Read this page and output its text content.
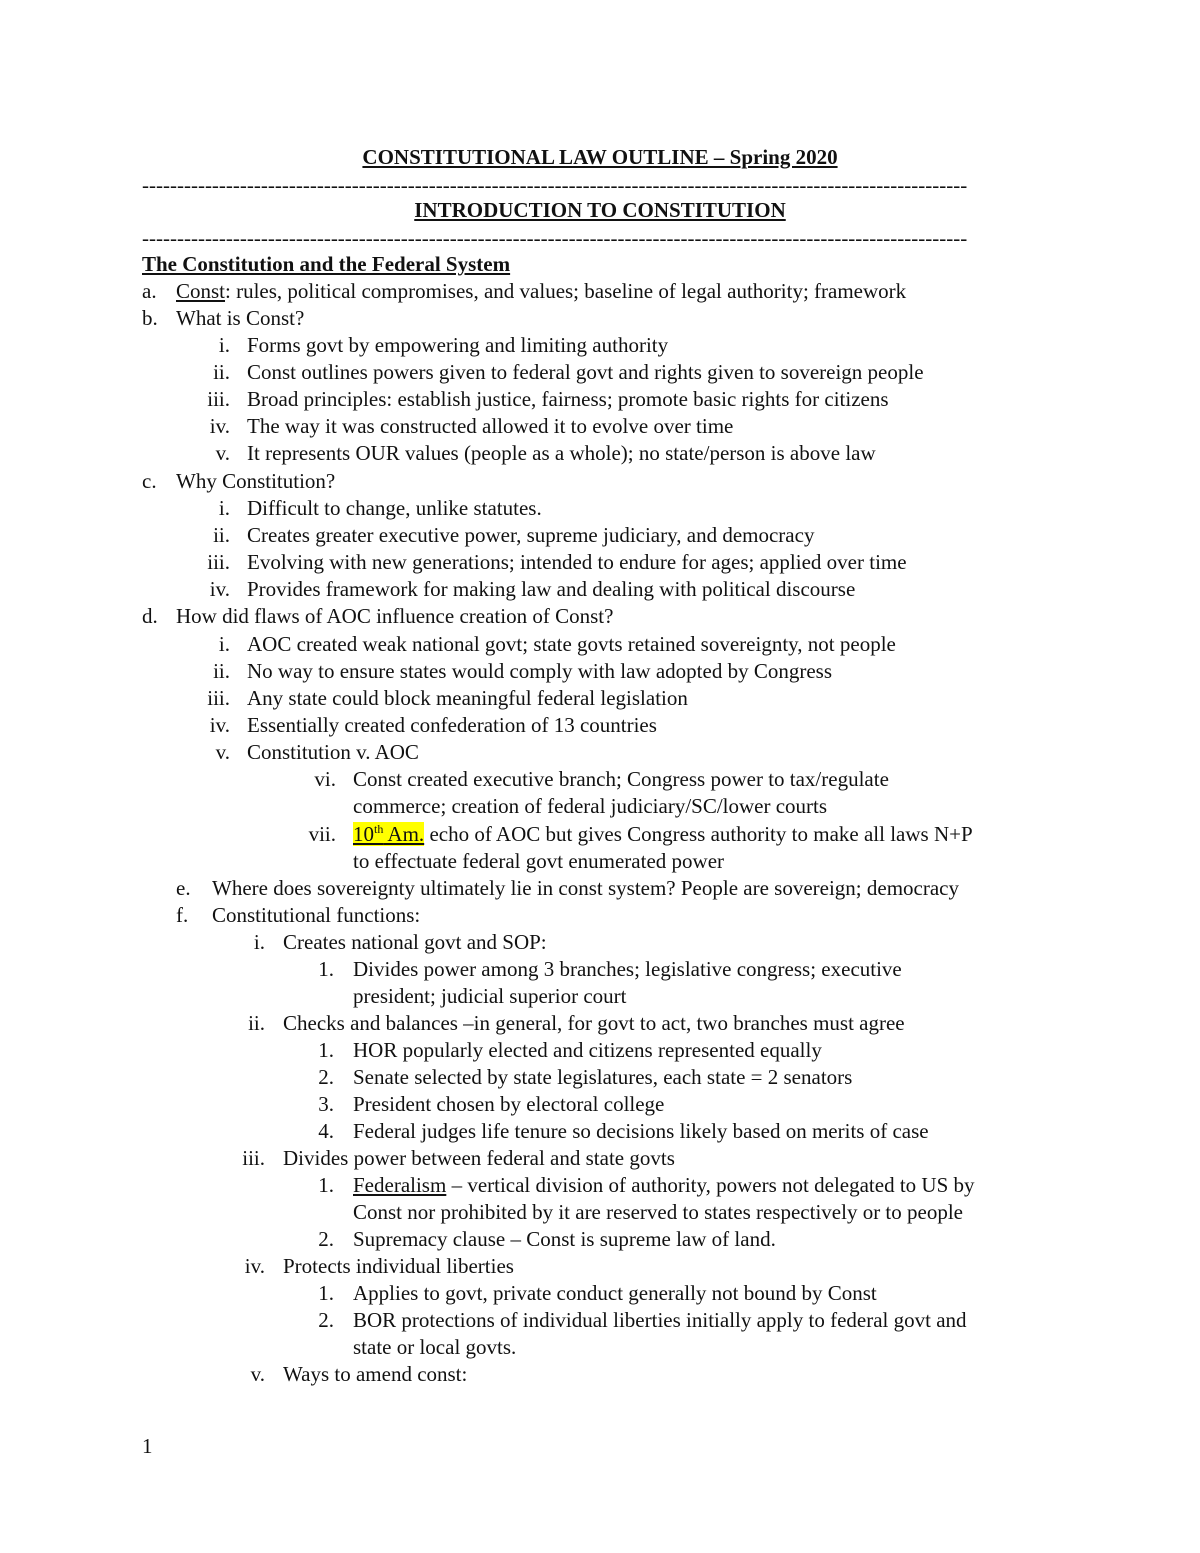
CONSTITUTIONAL LAW OUTLINE – Spring 2020
----------------------------------------------------------------------------------------------------------------------
INTRODUCTION TO CONSTITUTION
----------------------------------------------------------------------------------------------------------------------
The Constitution and the Federal System
a. Const: rules, political compromises, and values; baseline of legal authority; framework
b. What is Const?
i. Forms govt by empowering and limiting authority
ii. Const outlines powers given to federal govt and rights given to sovereign people
iii. Broad principles: establish justice, fairness; promote basic rights for citizens
iv. The way it was constructed allowed it to evolve over time
v. It represents OUR values (people as a whole); no state/person is above law
c. Why Constitution?
i. Difficult to change, unlike statutes.
ii. Creates greater executive power, supreme judiciary, and democracy
iii. Evolving with new generations; intended to endure for ages; applied over time
iv. Provides framework for making law and dealing with political discourse
d. How did flaws of AOC influence creation of Const?
i. AOC created weak national govt; state govts retained sovereignty, not people
ii. No way to ensure states would comply with law adopted by Congress
iii. Any state could block meaningful federal legislation
iv. Essentially created confederation of 13 countries
v. Constitution v. AOC
vi. Const created executive branch; Congress power to tax/regulate
commerce; creation of federal judiciary/SC/lower courts
vii. 10th Am. echo of AOC but gives Congress authority to make all laws N+P
to effectuate federal govt enumerated power
e. Where does sovereignty ultimately lie in const system? People are sovereign; democracy
f.	Constitutional functions:
i. Creates national govt and SOP:
1. Divides power among 3 branches; legislative congress; executive
president; judicial superior court
ii. Checks and balances –in general, for govt to act, two branches must agree
1. HOR popularly elected and citizens represented equally
2. Senate selected by state legislatures, each state = 2 senators
3. President chosen by electoral college
4. Federal judges life tenure so decisions likely based on merits of case
iii. Divides power between federal and state govts
1. Federalism – vertical division of authority, powers not delegated to US by
Const nor prohibited by it are reserved to states respectively or to people
2. Supremacy clause – Const is supreme law of land.
iv. Protects individual liberties
1. Applies to govt, private conduct generally not bound by Const
2. BOR protections of individual liberties initially apply to federal govt and
state or local govts.
v. Ways to amend const:
1
